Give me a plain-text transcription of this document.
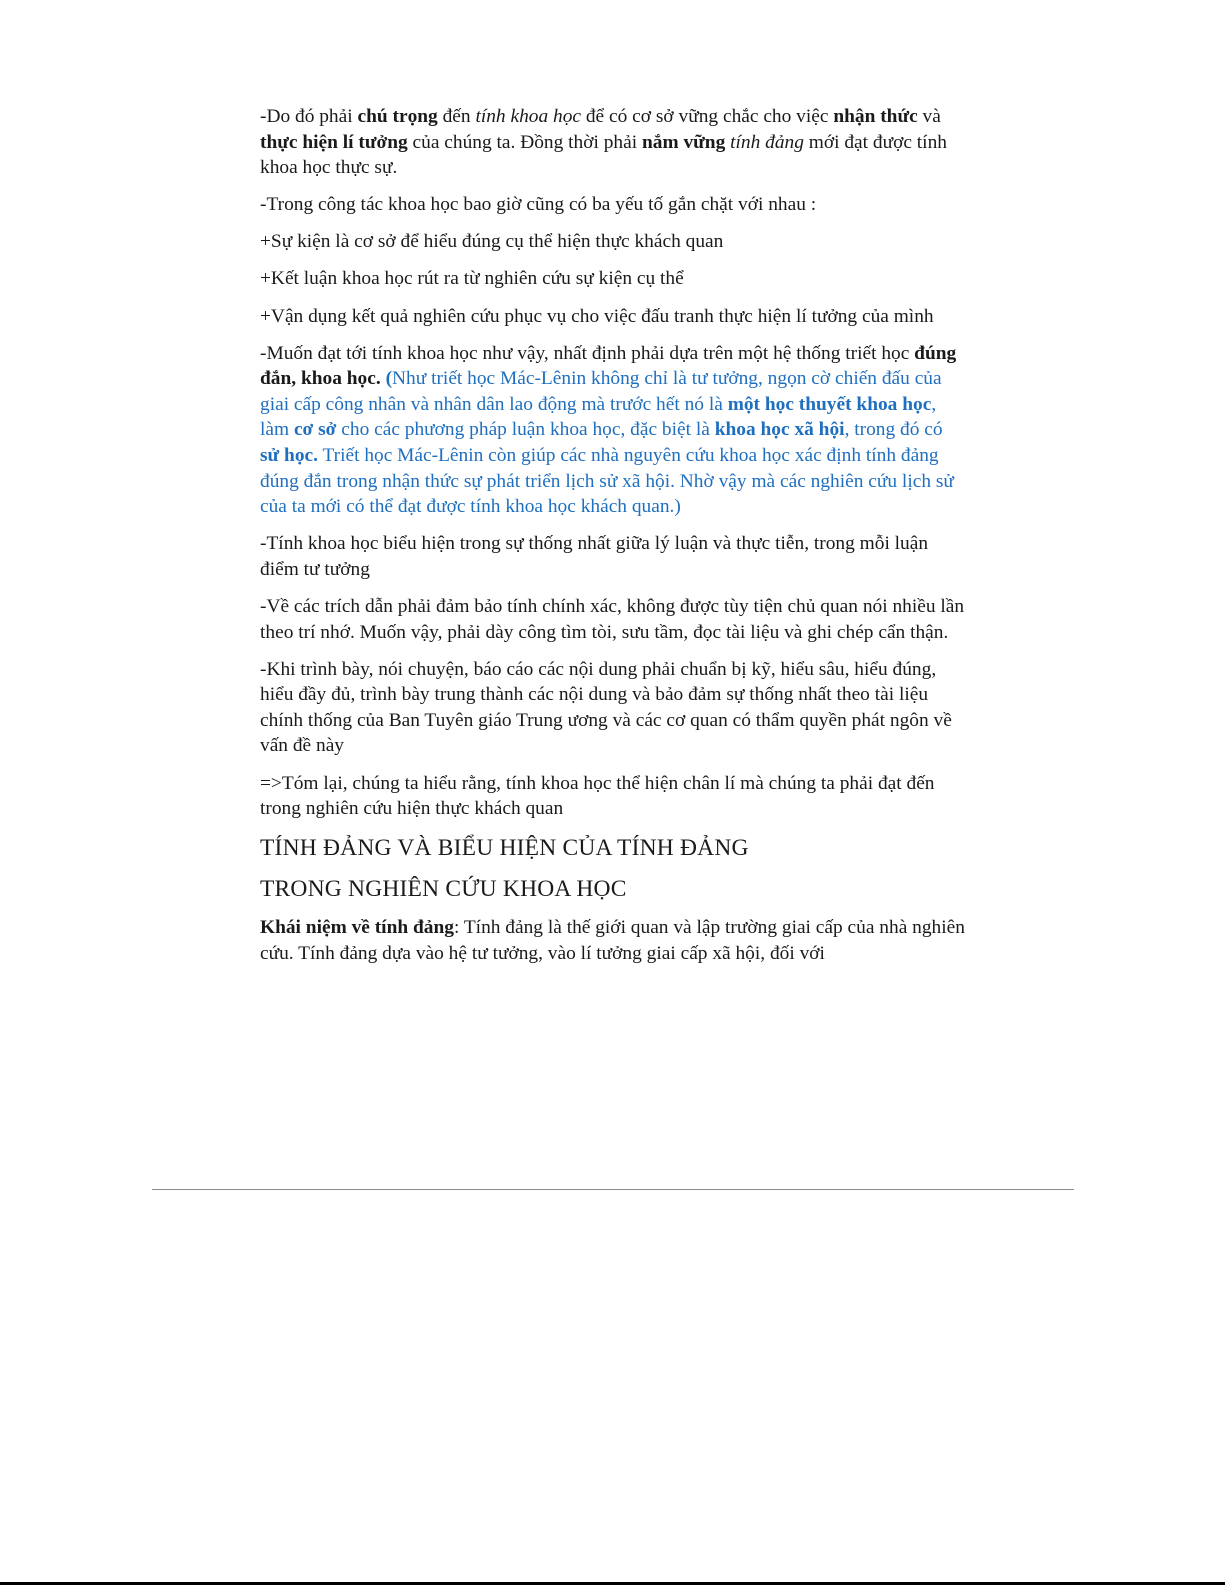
-Do đó phải chú trọng đến tính khoa học để có cơ sở vững chắc cho việc nhận thức và thực hiện lí tưởng của chúng ta. Đồng thời phải nắm vững tính đảng mới đạt được tính khoa học thực sự.

-Trong công tác khoa học bao giờ cũng có ba yếu tố gắn chặt với nhau :

+Sự kiện là cơ sở để hiểu đúng cụ thể hiện thực khách quan

+Kết luận khoa học rút ra từ nghiên cứu sự kiện cụ thể

+Vận dụng kết quả nghiên cứu phục vụ cho việc đấu tranh thực hiện lí tưởng của mình

-Muốn đạt tới tính khoa học như vậy, nhất định phải dựa trên một hệ thống triết học đúng đắn, khoa học. (Như triết học Mác-Lênin không chỉ là tư tưởng, ngọn cờ chiến đấu của giai cấp công nhân và nhân dân lao động mà trước hết nó là một học thuyết khoa học, làm cơ sở cho các phương pháp luận khoa học, đặc biệt là khoa học xã hội, trong đó có sử học. Triết học Mác-Lênin còn giúp các nhà nguyên cứu khoa học xác định tính đảng đúng đắn trong nhận thức sự phát triển lịch sử xã hội. Nhờ vậy mà các nghiên cứu lịch sử của ta mới có thể đạt được tính khoa học khách quan.)

-Tính khoa học biểu hiện trong sự thống nhất giữa lý luận và thực tiễn, trong mỗi luận điểm tư tưởng

-Về các trích dẫn phải đảm bảo tính chính xác, không được tùy tiện chủ quan nói nhiều lần theo trí nhớ. Muốn vậy, phải dày công tìm tòi, sưu tầm, đọc tài liệu và ghi chép cẩn thận.

-Khi trình bày, nói chuyện, báo cáo các nội dung phải chuẩn bị kỹ, hiểu sâu, hiểu đúng, hiểu đầy đủ, trình bày trung thành các nội dung và bảo đảm sự thống nhất theo tài liệu chính thống của Ban Tuyên giáo Trung ương và các cơ quan có thẩm quyền phát ngôn về vấn đề này

=>Tóm lại, chúng ta hiểu rằng, tính khoa học thể hiện chân lí mà chúng ta phải đạt đến trong nghiên cứu hiện thực khách quan

TÍNH ĐẢNG VÀ BIỂU HIỆN CỦA TÍNH ĐẢNG

TRONG NGHIÊN CỨU KHOA HỌC

Khái niệm về tính đảng: Tính đảng là thế giới quan và lập trường giai cấp của nhà nghiên cứu. Tính đảng dựa vào hệ tư tưởng, vào lí tưởng giai cấp xã hội, đối với
